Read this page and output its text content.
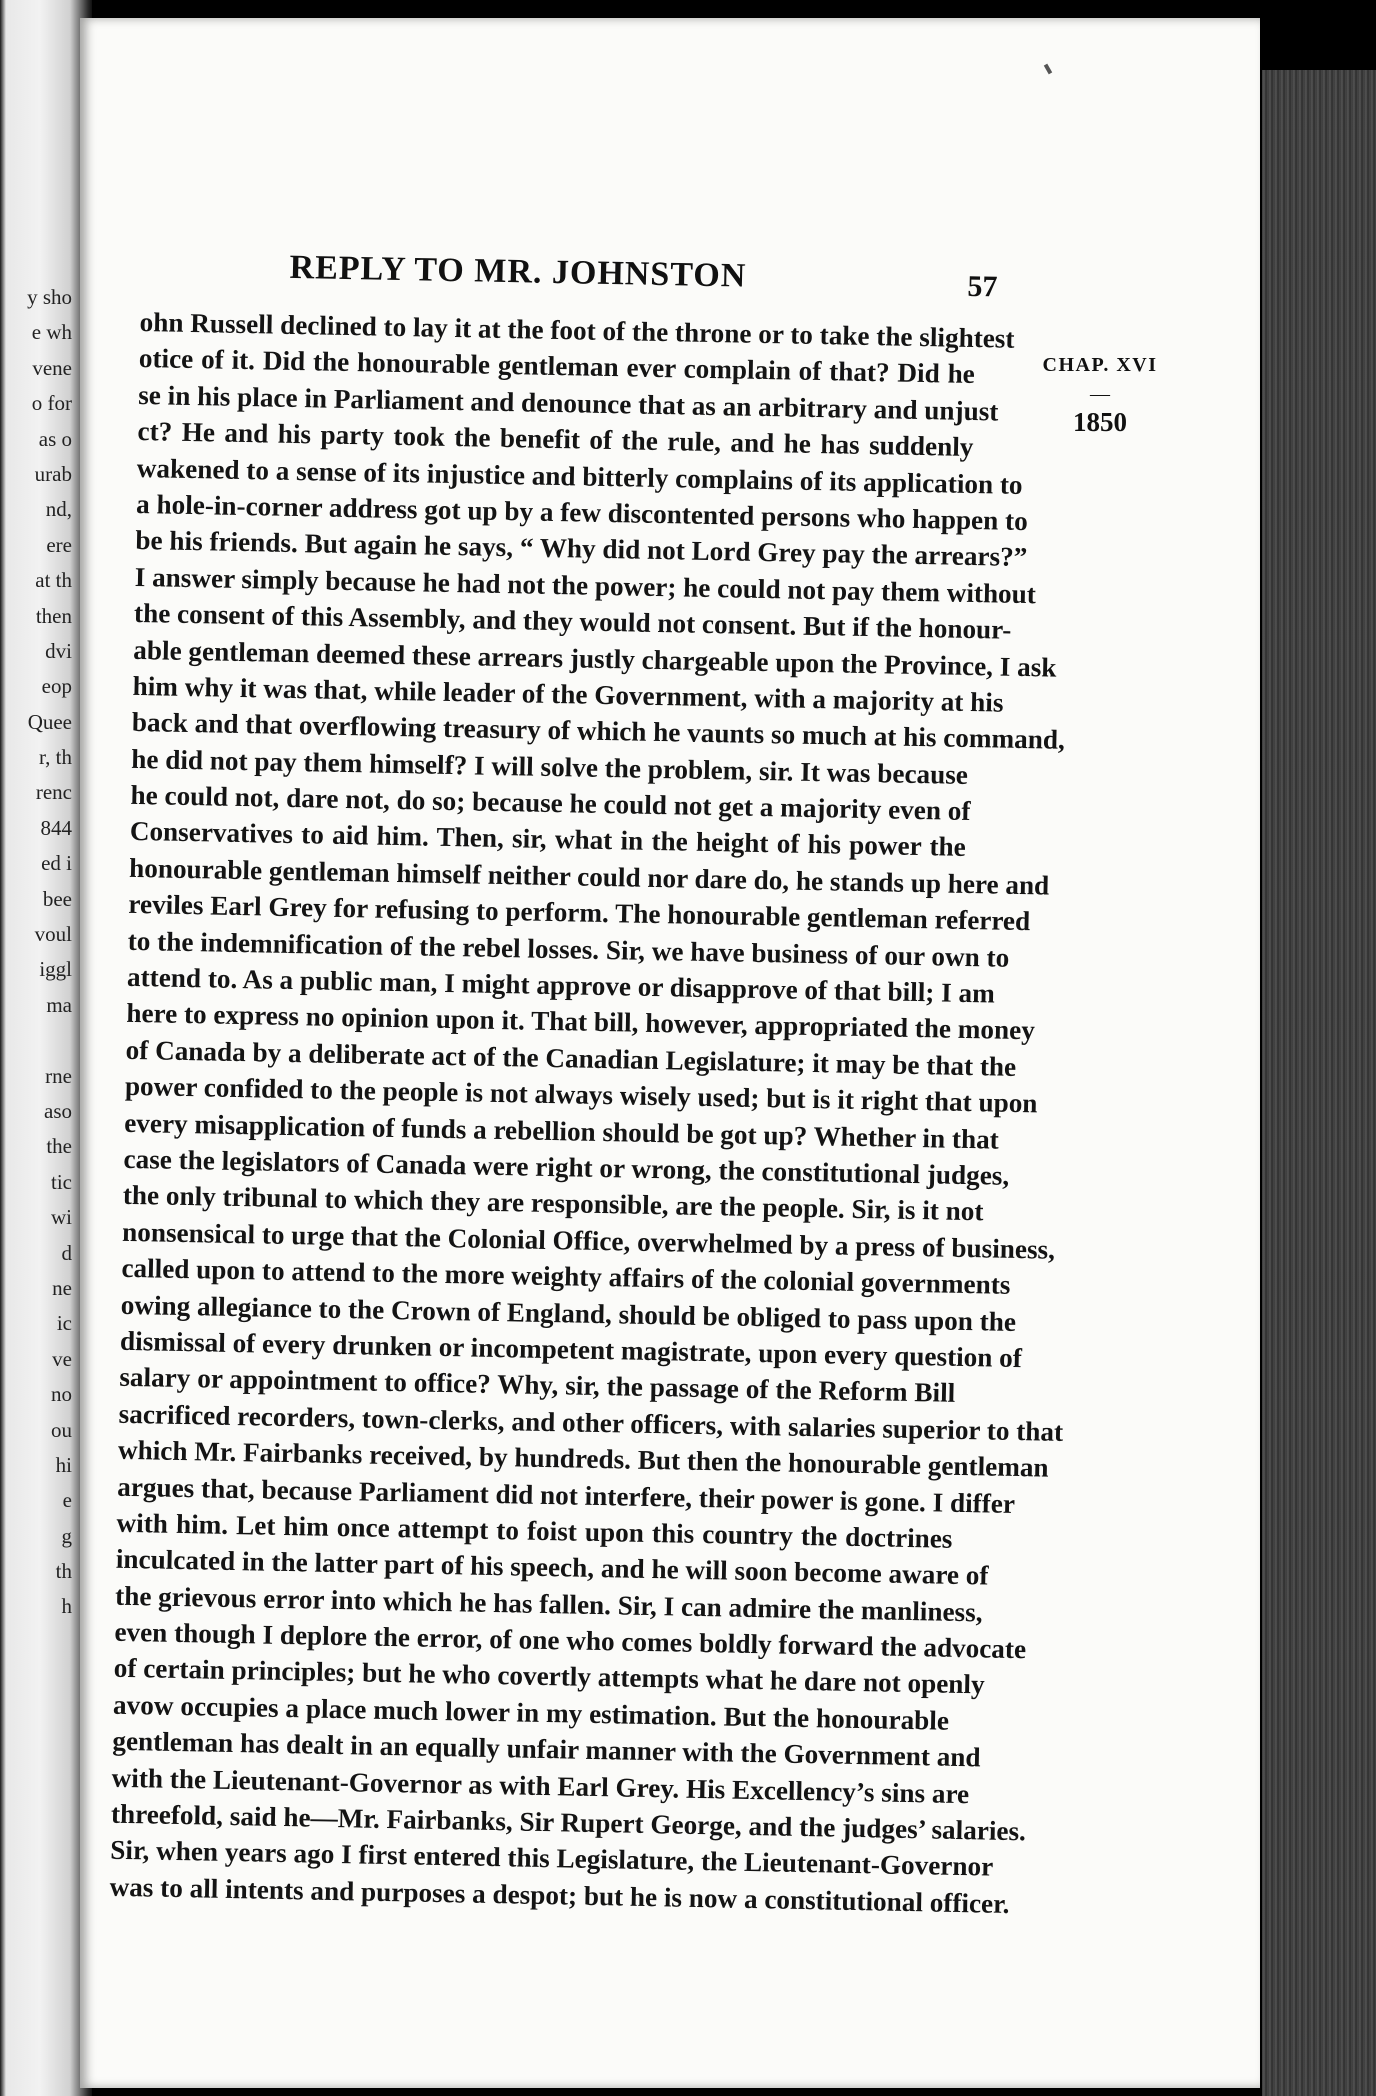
y sho
e wh
vene
o for
as o
urab
nd,
ere
at th
then
dvi
eop
Quee
r, th
renc
844
ed i
bee
voul
iggl
ma
rne
aso
the
tic
wi
d
ne
ic
ve
no
ou
hi
e
g
th
h
REPLY TO MR. JOHNSTON	57
ohn Russell declined to lay it at the foot of the throne or to take the slightest
otice of it. Did the honourable gentleman ever complain of that? Did he
se in his place in Parliament and denounce that as an arbitrary and unjust
ct? He and his party took the benefit of the rule, and he has suddenly
wakened to a sense of its injustice and bitterly complains of its application to
a hole-in-corner address got up by a few discontented persons who happen to
be his friends. But again he says, “ Why did not Lord Grey pay the arrears?”
I answer simply because he had not the power; he could not pay them without
the consent of this Assembly, and they would not consent. But if the honour-
able gentleman deemed these arrears justly chargeable upon the Province, I ask
him why it was that, while leader of the Government, with a majority at his
back and that overflowing treasury of which he vaunts so much at his command,
he did not pay them himself? I will solve the problem, sir. It was because
he could not, dare not, do so; because he could not get a majority even of
Conservatives to aid him. Then, sir, what in the height of his power the
honourable gentleman himself neither could nor dare do, he stands up here and
reviles Earl Grey for refusing to perform. The honourable gentleman referred
to the indemnification of the rebel losses. Sir, we have business of our own to
attend to. As a public man, I might approve or disapprove of that bill; I am
here to express no opinion upon it. That bill, however, appropriated the money
of Canada by a deliberate act of the Canadian Legislature; it may be that the
power confided to the people is not always wisely used; but is it right that upon
every misapplication of funds a rebellion should be got up? Whether in that
case the legislators of Canada were right or wrong, the constitutional judges,
the only tribunal to which they are responsible, are the people. Sir, is it not
nonsensical to urge that the Colonial Office, overwhelmed by a press of business,
called upon to attend to the more weighty affairs of the colonial governments
owing allegiance to the Crown of England, should be obliged to pass upon the
dismissal of every drunken or incompetent magistrate, upon every question of
salary or appointment to office? Why, sir, the passage of the Reform Bill
sacrificed recorders, town-clerks, and other officers, with salaries superior to that
which Mr. Fairbanks received, by hundreds. But then the honourable gentleman
argues that, because Parliament did not interfere, their power is gone. I differ
with him. Let him once attempt to foist upon this country the doctrines
inculcated in the latter part of his speech, and he will soon become aware of
the grievous error into which he has fallen. Sir, I can admire the manliness,
even though I deplore the error, of one who comes boldly forward the advocate
of certain principles; but he who covertly attempts what he dare not openly
avow occupies a place much lower in my estimation. But the honourable
gentleman has dealt in an equally unfair manner with the Government and
with the Lieutenant-Governor as with Earl Grey. His Excellency’s sins are
threefold, said he—Mr. Fairbanks, Sir Rupert George, and the judges’ salaries.
Sir, when years ago I first entered this Legislature, the Lieutenant-Governor
was to all intents and purposes a despot; but he is now a constitutional officer.
CHAP. XVI
—
1850
